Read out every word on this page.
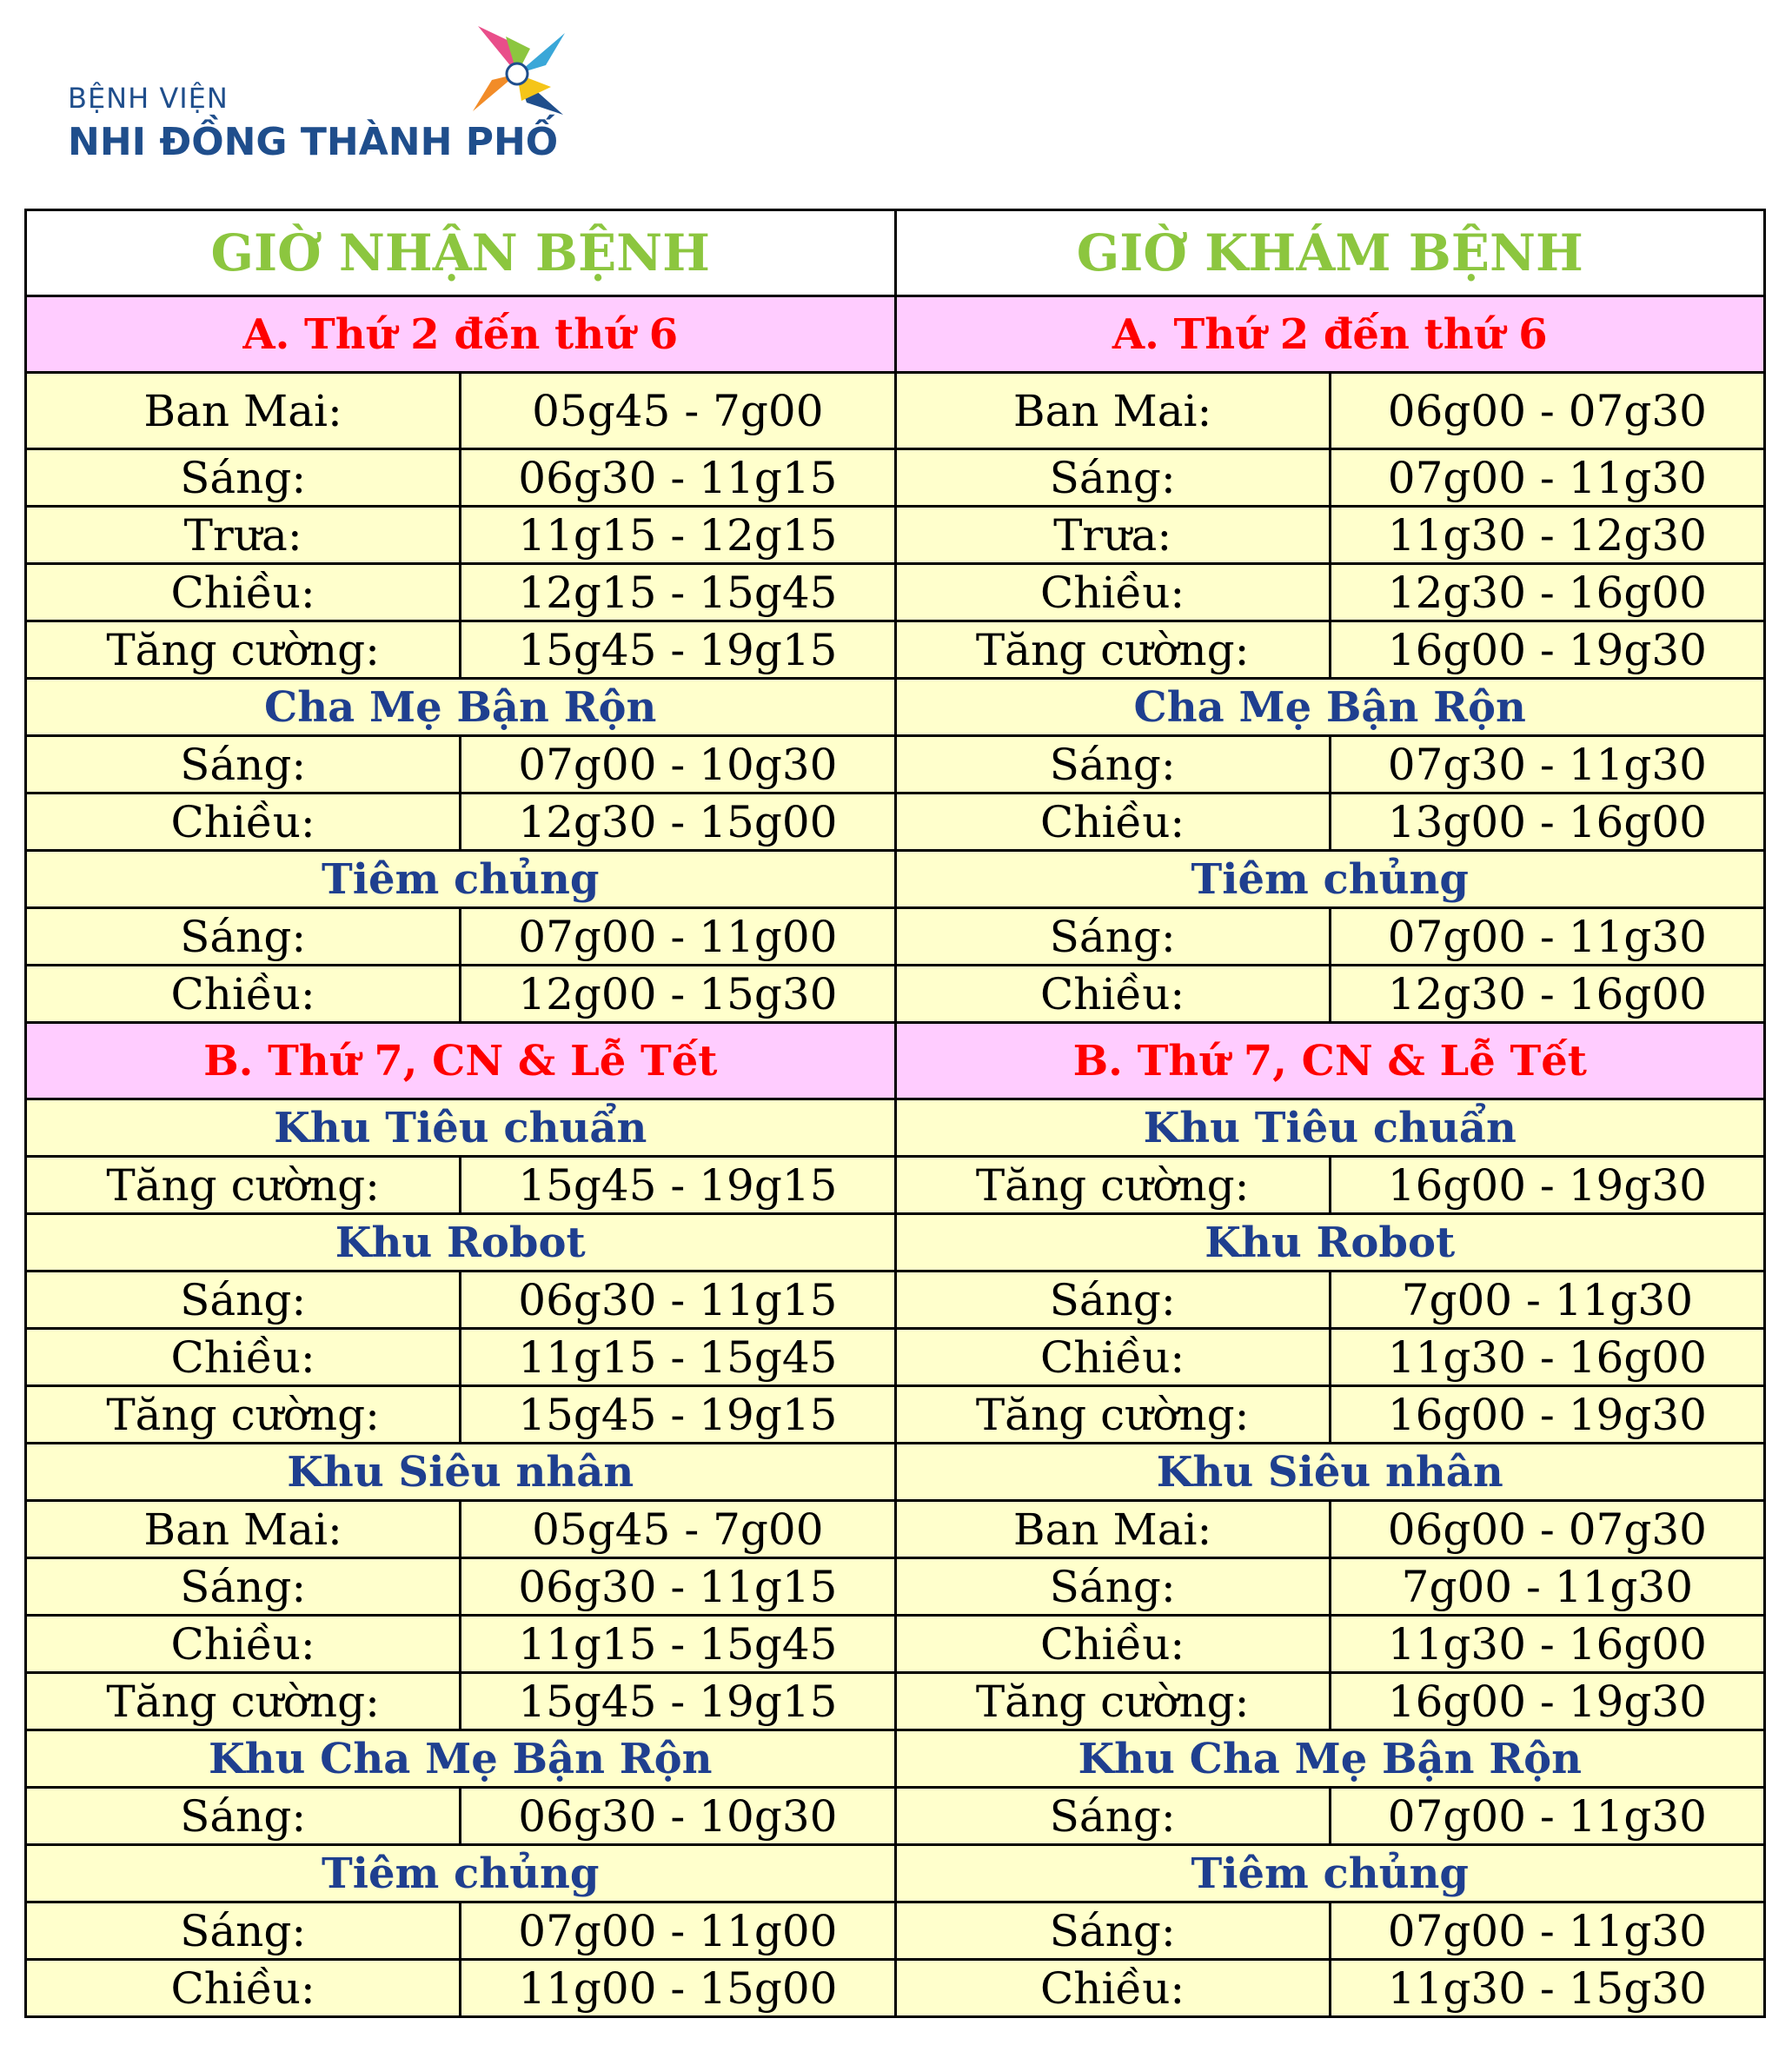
BỆNH VIỆN
NHI ĐỒNG THÀNH PHỐ
GIỜ NHẬN BỆNH		GIỜ KHÁM BỆNH	
A. Thứ 2 đến thứ 6		A. Thứ 2 đến thứ 6	
Ban Mai:	05g45 - 7g00	Ban Mai:	06g00 - 07g30
Sáng:	06g30 - 11g15	Sáng:	07g00 - 11g30
Trưa:	11g15 - 12g15	Trưa:	11g30 - 12g30
Chiều:	12g15 - 15g45	Chiều:	12g30 - 16g00
Tăng cường:	15g45 - 19g15	Tăng cường:	16g00 - 19g30
Cha Mẹ Bận Rộn		Cha Mẹ Bận Rộn	
Sáng:	07g00 - 10g30	Sáng:	07g30 - 11g30
Chiều:	12g30 - 15g00	Chiều:	13g00 - 16g00
Tiêm chủng		Tiêm chủng	
Sáng:	07g00 - 11g00	Sáng:	07g00 - 11g30
Chiều:	12g00 - 15g30	Chiều:	12g30 - 16g00
B. Thứ 7, CN & Lễ Tết		B. Thứ 7, CN & Lễ Tết	
Khu Tiêu chuẩn		Khu Tiêu chuẩn	
Tăng cường:	15g45 - 19g15	Tăng cường:	16g00 - 19g30
Khu Robot		Khu Robot	
Sáng:	06g30 - 11g15	Sáng:	7g00 - 11g30
Chiều:	11g15 - 15g45	Chiều:	11g30 - 16g00
Tăng cường:	15g45 - 19g15	Tăng cường:	16g00 - 19g30
Khu Siêu nhân		Khu Siêu nhân	
Ban Mai:	05g45 - 7g00	Ban Mai:	06g00 - 07g30
Sáng:	06g30 - 11g15	Sáng:	7g00 - 11g30
Chiều:	11g15 - 15g45	Chiều:	11g30 - 16g00
Tăng cường:	15g45 - 19g15	Tăng cường:	16g00 - 19g30
Khu Cha Mẹ Bận Rộn		Khu Cha Mẹ Bận Rộn	
Sáng:	06g30 - 10g30	Sáng:	07g00 - 11g30
Tiêm chủng		Tiêm chủng	
Sáng:	07g00 - 11g00	Sáng:	07g00 - 11g30
Chiều:	11g00 - 15g00	Chiều:	11g30 - 15g30
